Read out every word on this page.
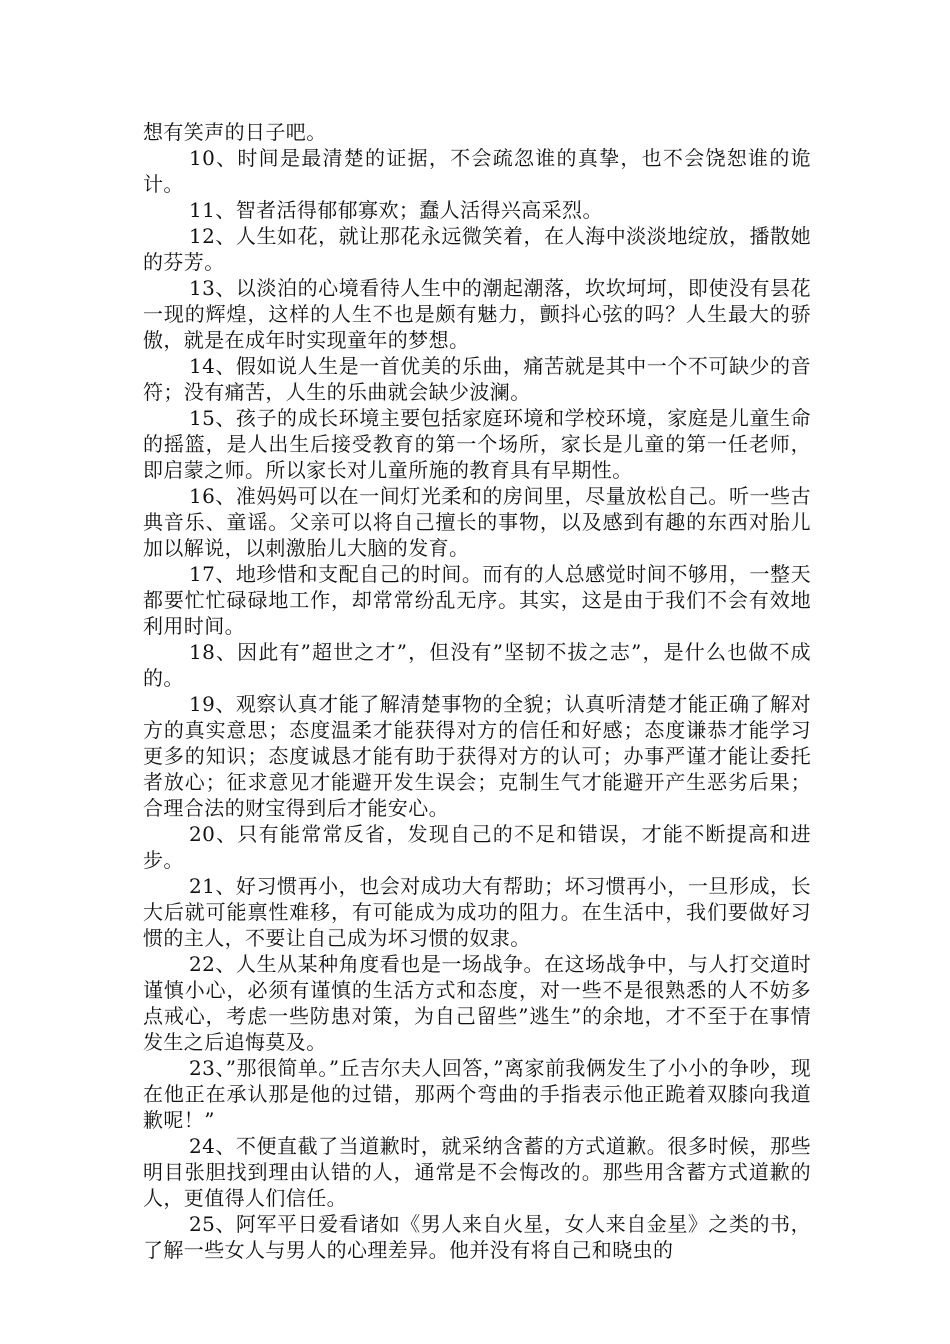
想有笑声的日子吧。

10、时间是最清楚的证据，不会疏忽谁的真挚，也不会饶恕谁的诡计。

11、智者活得郁郁寡欢；蠢人活得兴高采烈。

12、人生如花，就让那花永远微笑着，在人海中淡淡地绽放，播散她的芬芳。

13、以淡泊的心境看待人生中的潮起潮落，坎坎坷坷，即使没有昙花一现的辉煌，这样的人生不也是颇有魅力，颤抖心弦的吗？人生最大的骄傲，就是在成年时实现童年的梦想。

14、假如说人生是一首优美的乐曲，痛苦就是其中一个不可缺少的音符；没有痛苦，人生的乐曲就会缺少波澜。

15、孩子的成长环境主要包括家庭环境和学校环境，家庭是儿童生命的摇篮，是人出生后接受教育的第一个场所，家长是儿童的第一任老师，即启蒙之师。所以家长对儿童所施的教育具有早期性。

16、准妈妈可以在一间灯光柔和的房间里，尽量放松自己。听一些古典音乐、童谣。父亲可以将自己擅长的事物，以及感到有趣的东西对胎儿加以解说，以刺激胎儿大脑的发育。

17、地珍惜和支配自己的时间。而有的人总感觉时间不够用，一整天都要忙忙碌碌地工作，却常常纷乱无序。其实，这是由于我们不会有效地利用时间。

18、因此有”超世之才”，但没有”坚韧不拔之志”，是什么也做不成的。

19、观察认真才能了解清楚事物的全貌；认真听清楚才能正确了解对方的真实意思；态度温柔才能获得对方的信任和好感；态度谦恭才能学习更多的知识；态度诚恳才能有助于获得对方的认可；办事严谨才能让委托者放心；征求意见才能避开发生误会；克制生气才能避开产生恶劣后果；合理合法的财宝得到后才能安心。

20、只有能常常反省，发现自己的不足和错误，才能不断提高和进步。

21、好习惯再小，也会对成功大有帮助；坏习惯再小，一旦形成，长大后就可能禀性难移，有可能成为成功的阻力。在生活中，我们要做好习惯的主人，不要让自己成为坏习惯的奴隶。

22、人生从某种角度看也是一场战争。在这场战争中，与人打交道时谨慎小心，必须有谨慎的生活方式和态度，对一些不是很熟悉的人不妨多点戒心，考虑一些防患对策，为自己留些”逃生”的余地，才不至于在事情发生之后追悔莫及。

23、”那很简单。”丘吉尔夫人回答，”离家前我俩发生了小小的争吵，现在他正在承认那是他的过错，那两个弯曲的手指表示他正跪着双膝向我道歉呢！”

24、不便直截了当道歉时，就采纳含蓄的方式道歉。很多时候，那些明目张胆找到理由认错的人，通常是不会悔改的。那些用含蓄方式道歉的人，更值得人们信任。

25、阿军平日爱看诸如《男人来自火星，女人来自金星》之类的书，了解一些女人与男人的心理差异。他并没有将自己和晓虫的
